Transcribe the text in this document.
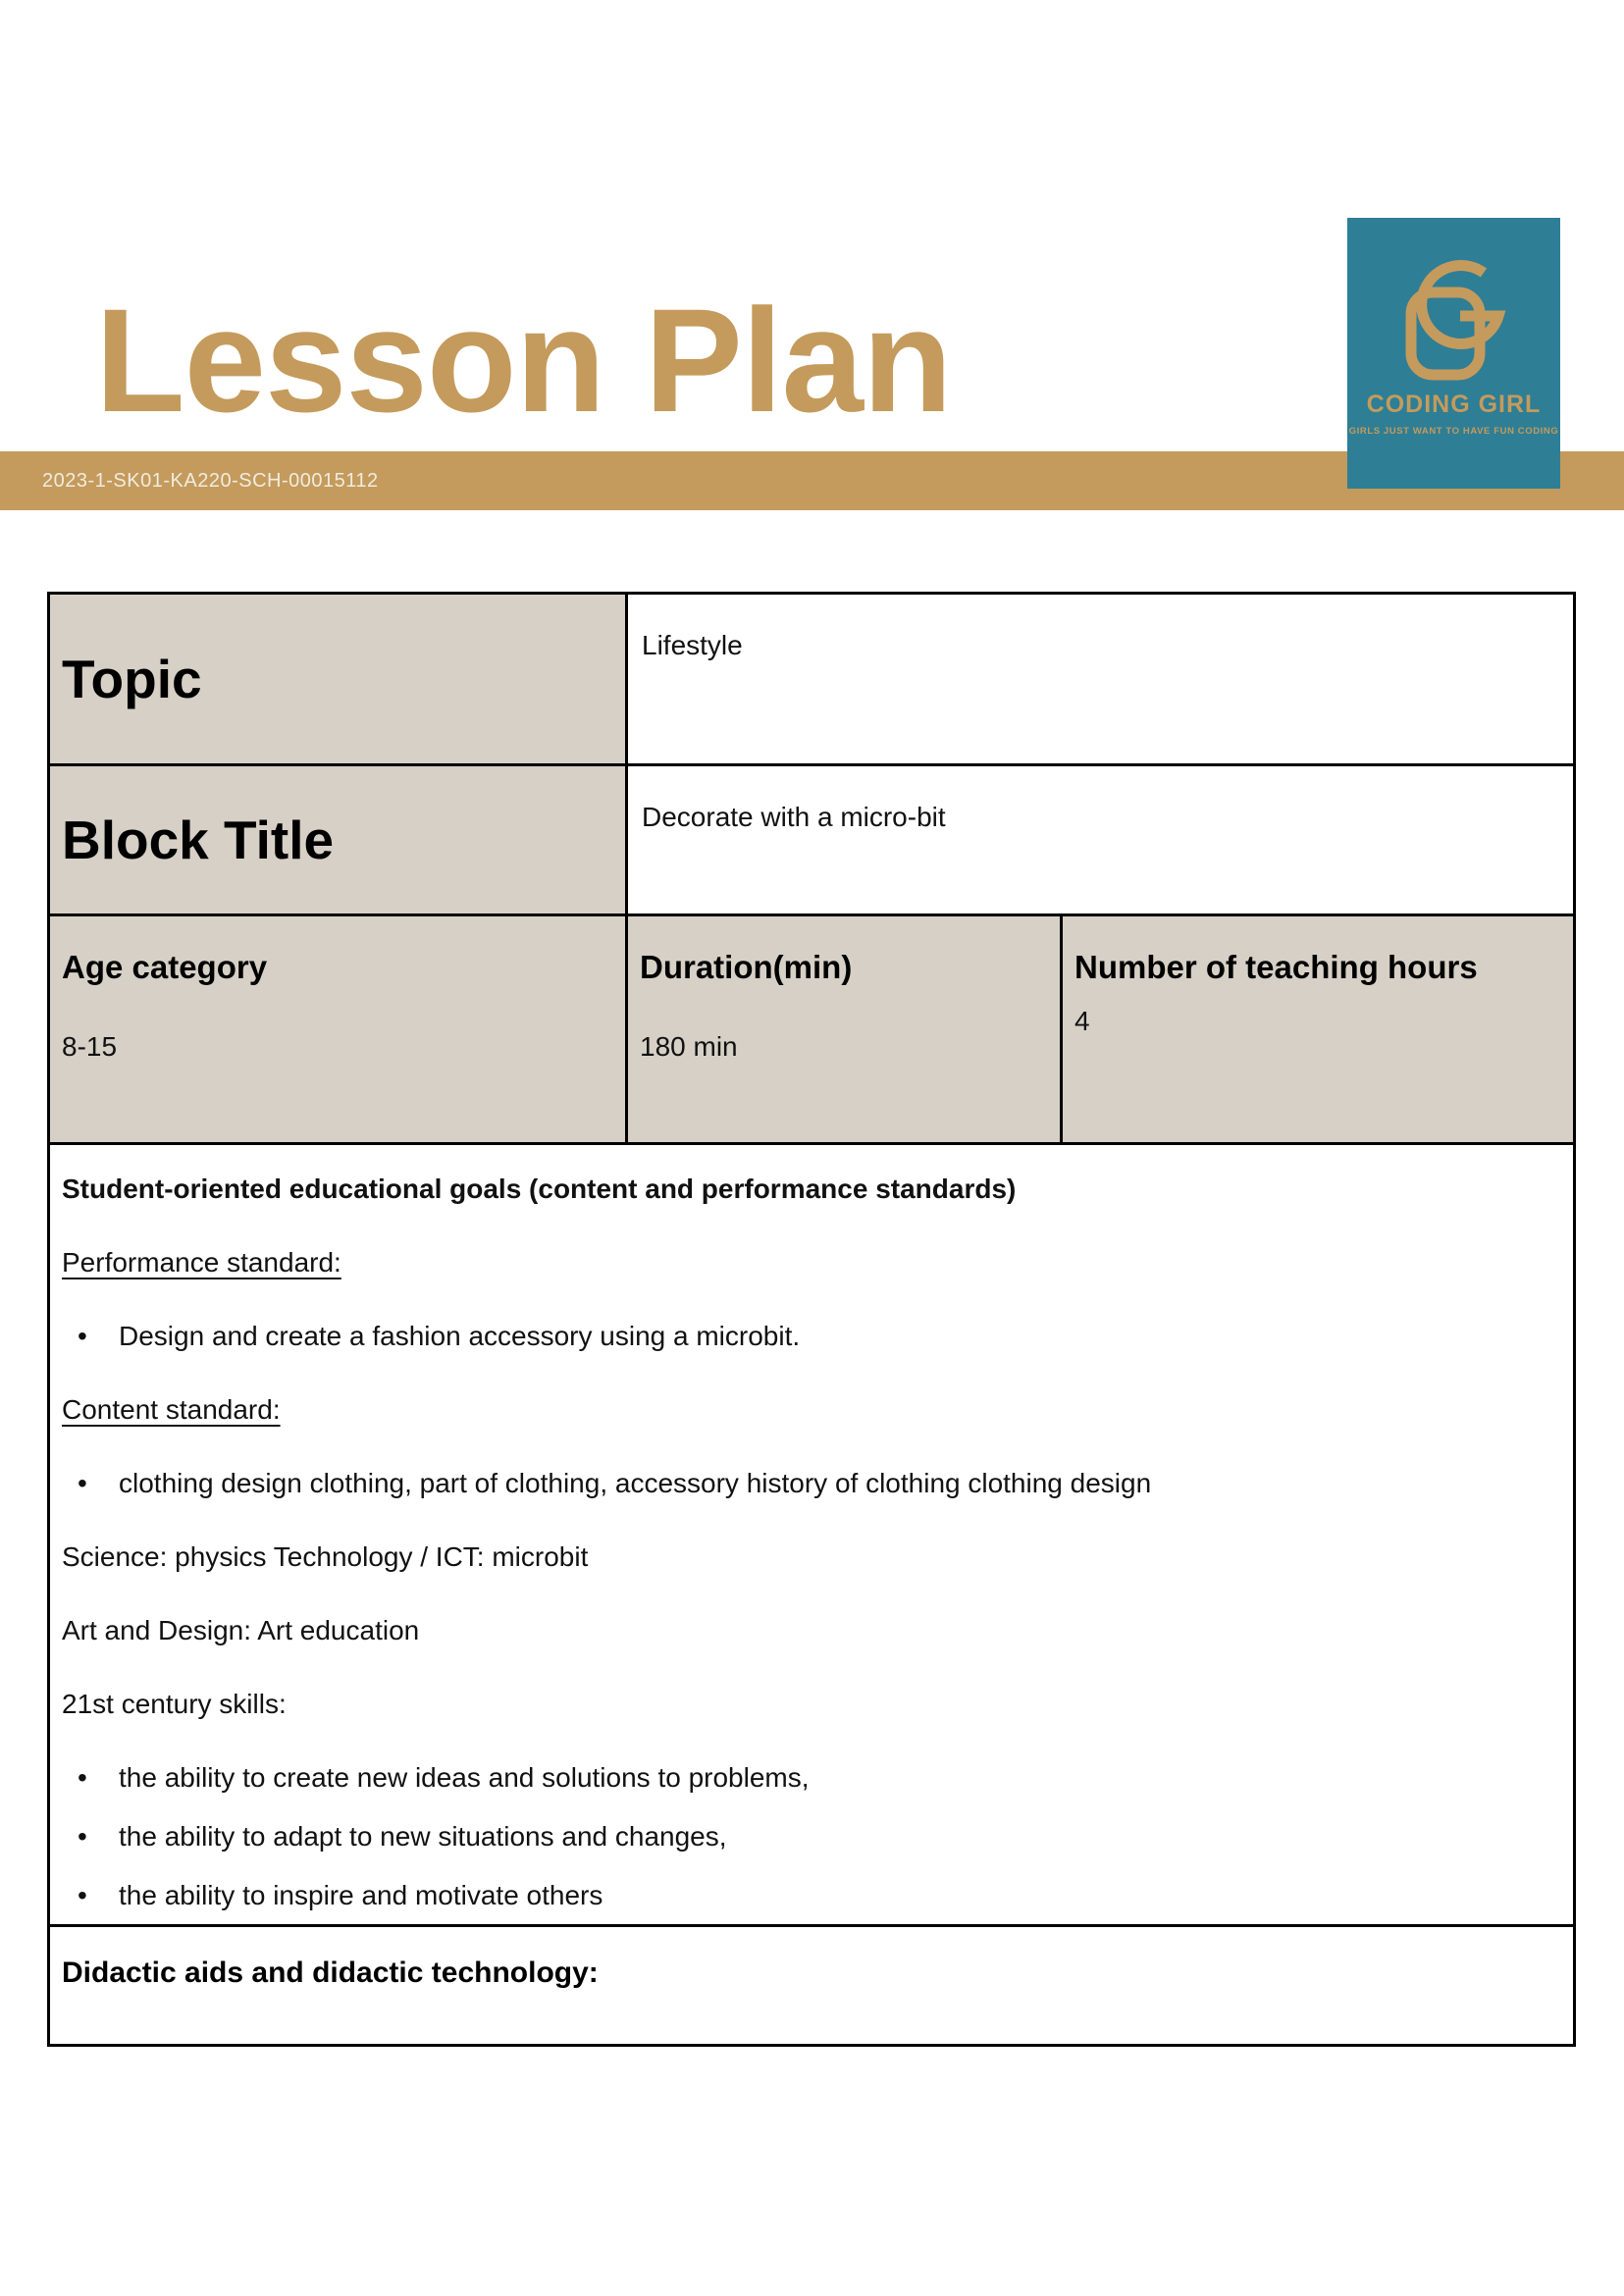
Lesson Plan	CODING GIRL
GIRLS JUST WANT TO HAVE FUN CODING
2023-1-SK01-KA220-SCH-00015112
Topic
Lifestyle
Block Title	Decorate with a micro-bit
Age category
8-15
Duration(min)
180 min
Number of teaching hours
4

Student-oriented educational goals (content and performance standards)

Performance standard:

• Design and create a fashion accessory using a microbit.

Content standard:

• clothing design clothing, part of clothing, accessory history of clothing clothing design

Science: physics Technology / ICT: microbit

Art and Design: Art education

21st century skills:

• the ability to create new ideas and solutions to problems,

• the ability to adapt to new situations and changes,

• the ability to inspire and motivate others

Didactic aids and didactic technology:
